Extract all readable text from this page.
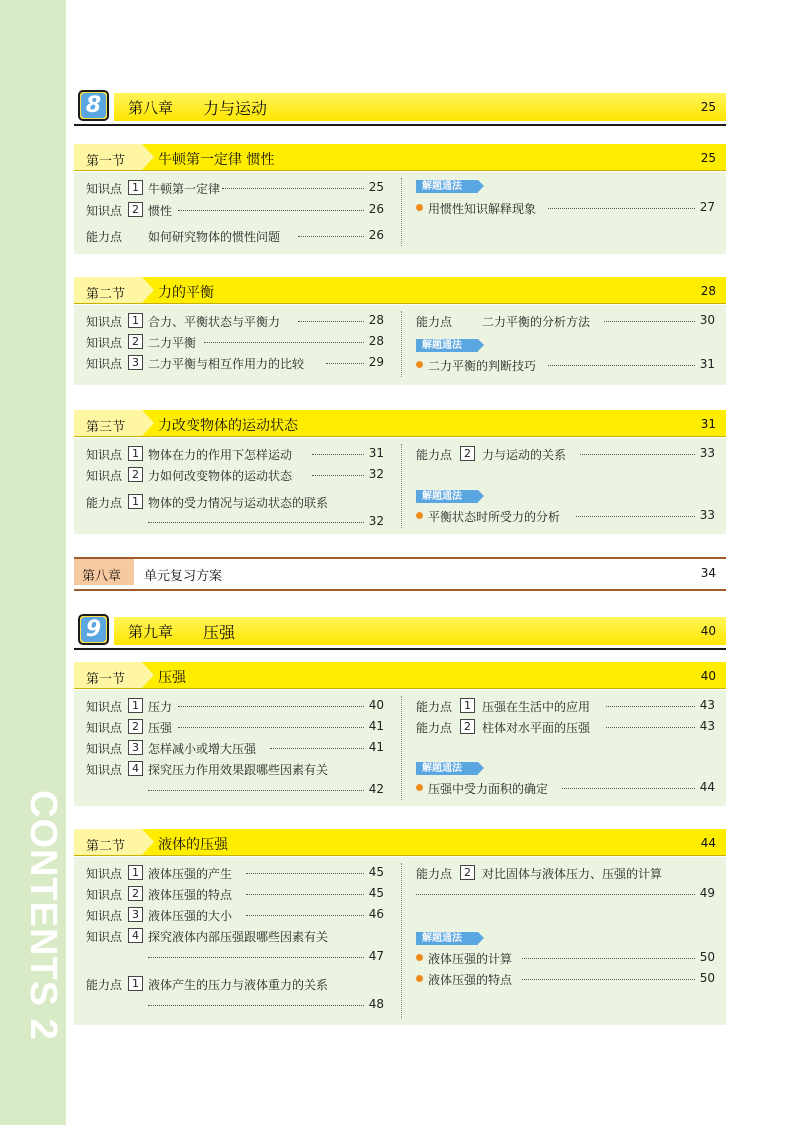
CONTENTS 2
8	第八章 力与运动	25
第一节 牛顿第一定律 惯性	25
知识点 1 牛顿第一定律	25
知识点 2 惯性	26
能力点 如何研究物体的惯性问题	26
解题通法
用惯性知识解释现象	27
第二节 力的平衡	28
知识点 1 合力、平衡状态与平衡力	28
知识点 2 二力平衡	28
知识点 3 二力平衡与相互作用力的比较	29
能力点 二力平衡的分析方法	30
解题通法
二力平衡的判断技巧	31
第三节 力改变物体的运动状态	31
知识点 1 物体在力的作用下怎样运动	31
知识点 2 力如何改变物体的运动状态	32
能力点 1 物体的受力情况与运动状态的联系
32
能力点	2 力与运动的关系	33
解题通法
平衡状态时所受力的分析	33
第八章 单元复习方案	34
9	第九章 压强	40
第一节 压强	40
知识点 1 压力	40
知识点 2 压强	41
知识点 3 怎样减小或增大压强	41
知识点 4 探究压力作用效果跟哪些因素有关
42
能力点	1 压强在生活中的应用	43
能力点	2 柱体对水平面的压强	43
解题通法
压强中受力面积的确定	44
第二节 液体的压强	44
知识点 1 液体压强的产生	45
知识点 2 液体压强的特点	45
知识点 3 液体压强的大小	46
知识点 4 探究液体内部压强跟哪些因素有关
47
能力点 1 液体产生的压力与液体重力的关系
48
能力点	2 对比固体与液体压力、压强的计算
49
解题通法
液体压强的计算	50
液体压强的特点	50
